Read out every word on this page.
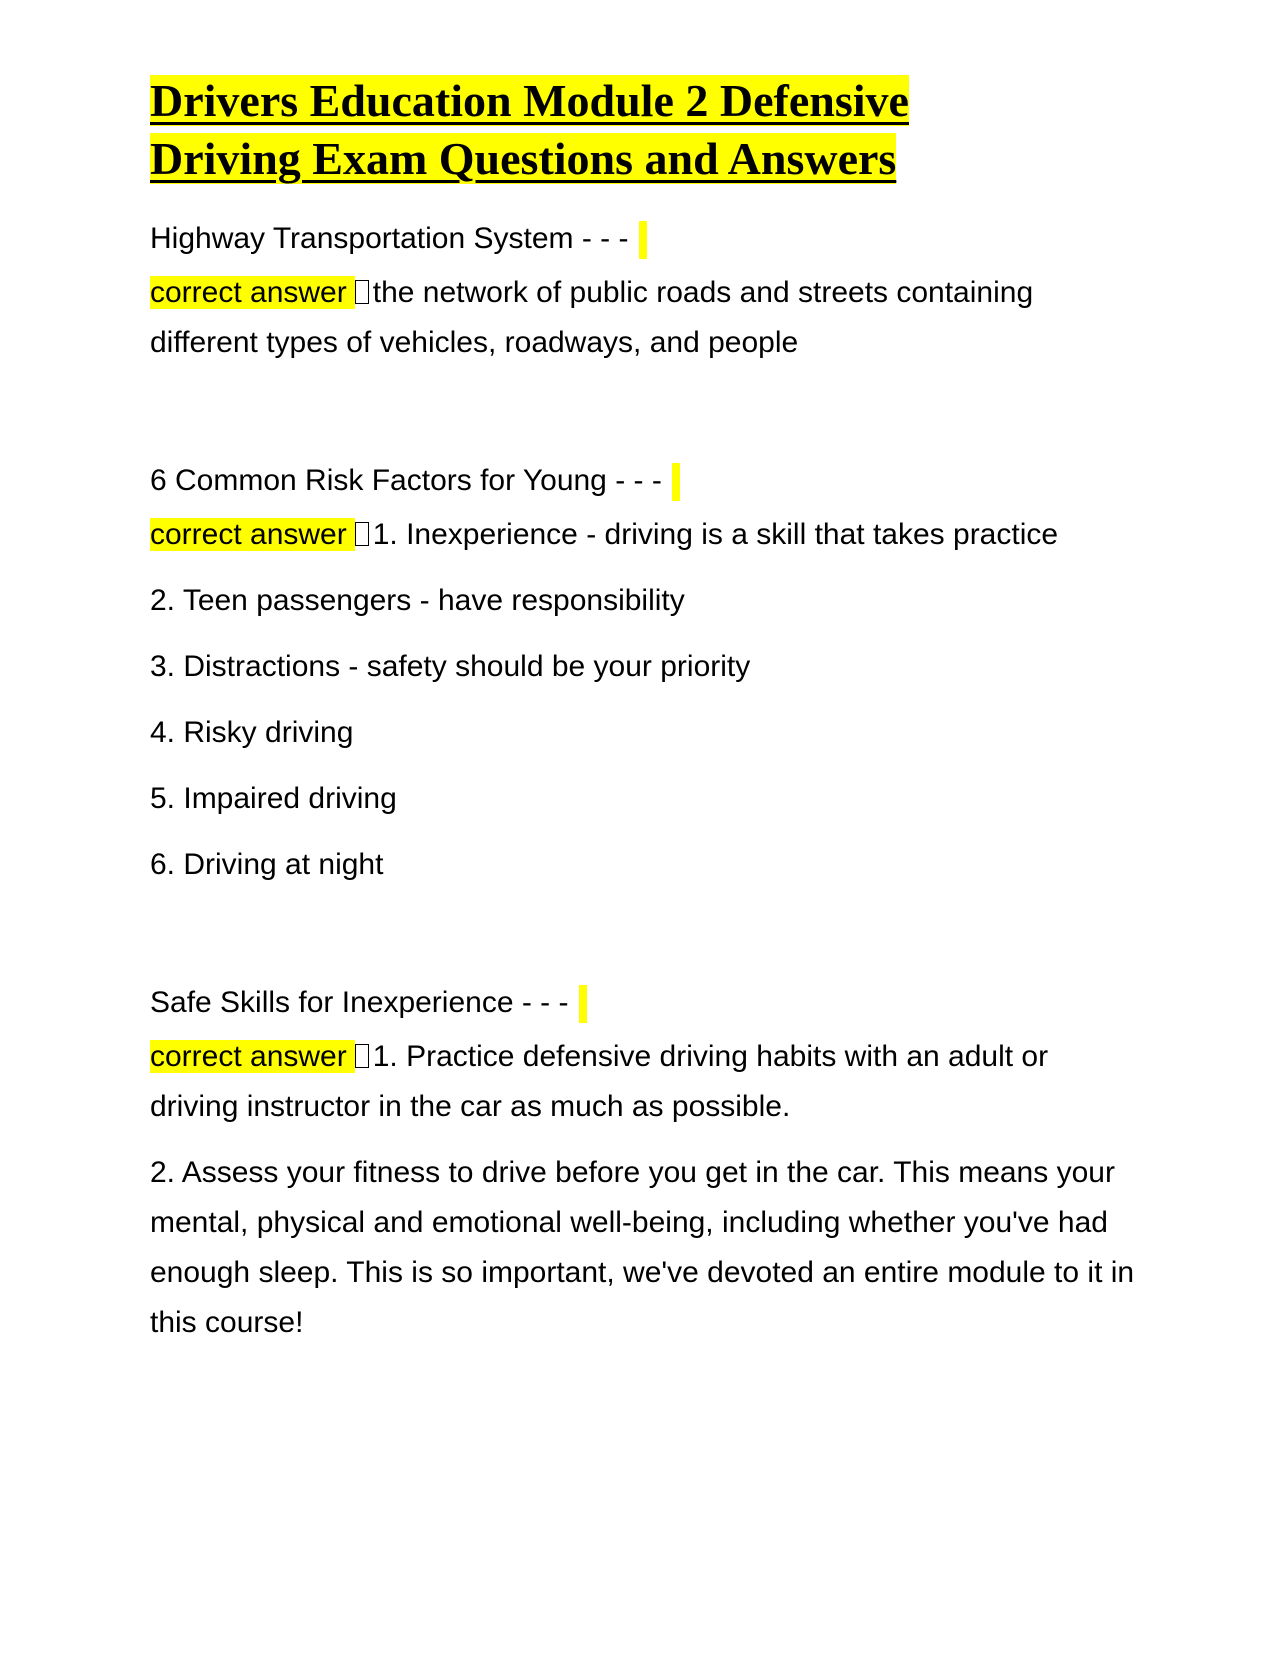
Drivers Education Module 2 Defensive
Driving Exam Questions and Answers

Highway Transportation System - - -

correct answer the network of public roads and streets containing different types of vehicles, roadways, and people

6 Common Risk Factors for Young - - -

correct answer 1. Inexperience - driving is a skill that takes practice

2. Teen passengers - have responsibility

3. Distractions - safety should be your priority

4. Risky driving

5. Impaired driving

6. Driving at night

Safe Skills for Inexperience - - -

correct answer 1. Practice defensive driving habits with an adult or driving instructor in the car as much as possible.

2. Assess your fitness to drive before you get in the car. This means your mental, physical and emotional well-being, including whether you've had enough sleep. This is so important, we've devoted an entire module to it in this course!
